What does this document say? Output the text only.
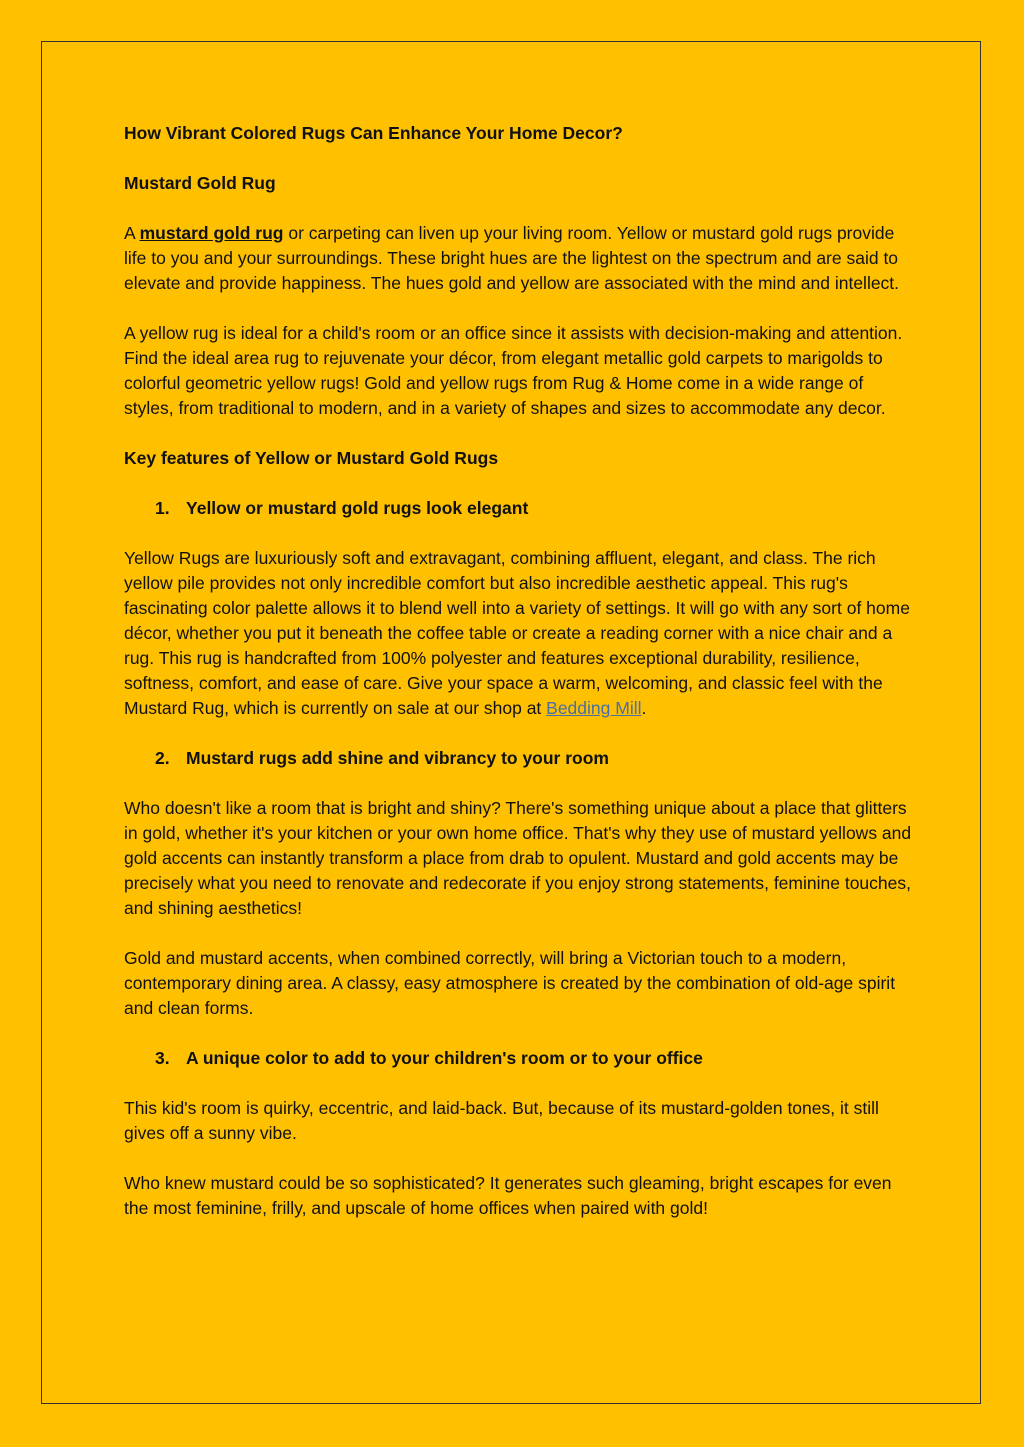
How Vibrant Colored Rugs Can Enhance Your Home Decor?

Mustard Gold Rug

A mustard gold rug or carpeting can liven up your living room. Yellow or mustard gold rugs provide life to you and your surroundings. These bright hues are the lightest on the spectrum and are said to elevate and provide happiness. The hues gold and yellow are associated with the mind and intellect.

A yellow rug is ideal for a child's room or an office since it assists with decision-making and attention. Find the ideal area rug to rejuvenate your décor, from elegant metallic gold carpets to marigolds to colorful geometric yellow rugs! Gold and yellow rugs from Rug & Home come in a wide range of styles, from traditional to modern, and in a variety of shapes and sizes to accommodate any decor.

Key features of Yellow or Mustard Gold Rugs

1. Yellow or mustard gold rugs look elegant

Yellow Rugs are luxuriously soft and extravagant, combining affluent, elegant, and class. The rich yellow pile provides not only incredible comfort but also incredible aesthetic appeal. This rug's fascinating color palette allows it to blend well into a variety of settings. It will go with any sort of home décor, whether you put it beneath the coffee table or create a reading corner with a nice chair and a rug. This rug is handcrafted from 100% polyester and features exceptional durability, resilience, softness, comfort, and ease of care. Give your space a warm, welcoming, and classic feel with the Mustard Rug, which is currently on sale at our shop at Bedding Mill.

2. Mustard rugs add shine and vibrancy to your room

Who doesn't like a room that is bright and shiny? There's something unique about a place that glitters in gold, whether it's your kitchen or your own home office. That's why they use of mustard yellows and gold accents can instantly transform a place from drab to opulent. Mustard and gold accents may be precisely what you need to renovate and redecorate if you enjoy strong statements, feminine touches, and shining aesthetics!

Gold and mustard accents, when combined correctly, will bring a Victorian touch to a modern, contemporary dining area. A classy, easy atmosphere is created by the combination of old-age spirit and clean forms.

3. A unique color to add to your children's room or to your office

This kid's room is quirky, eccentric, and laid-back. But, because of its mustard-golden tones, it still gives off a sunny vibe.

Who knew mustard could be so sophisticated? It generates such gleaming, bright escapes for even the most feminine, frilly, and upscale of home offices when paired with gold!
